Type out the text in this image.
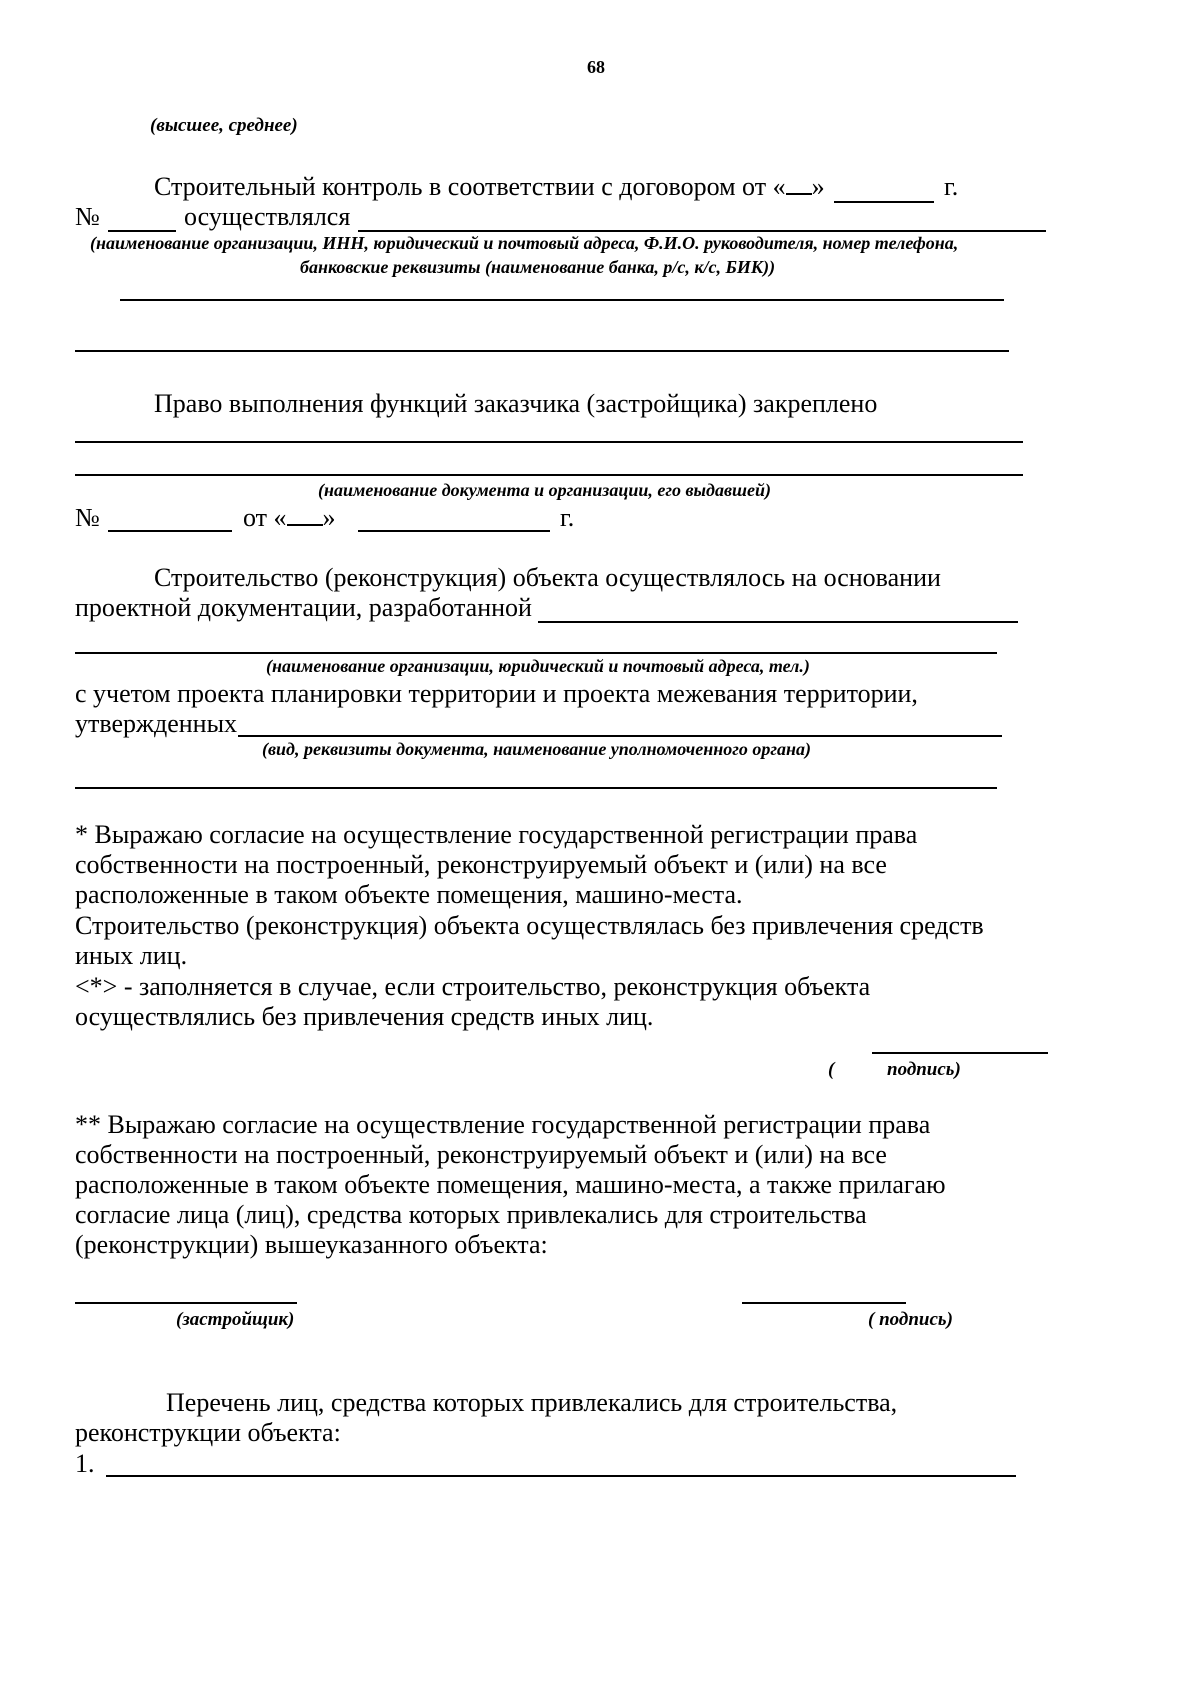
68
(высшее, среднее)
Строительный контроль в соответствии с договором от « »	г.
№	осуществлялся
(наименование организации, ИНН, юридический и почтовый адреса, Ф.И.О. руководителя, номер телефона,
банковские реквизиты (наименование банка, р/с, к/с, БИК))
Право выполнения функций заказчика (застройщика) закреплено
(наименование документа и организации, его выдавшей)
№	от « »	г.
Строительство (реконструкция) объекта осуществлялось на основании
проектной документации, разработанной
(наименование организации, юридический и почтовый адреса, тел.)
с учетом проекта планировки территории и проекта межевания территории,
утвержденных
(вид, реквизиты документа, наименование уполномоченного органа)
* Выражаю согласие на осуществление государственной регистрации права
собственности на построенный, реконструируемый объект и (или) на все
расположенные в таком объекте помещения, машино-места.
Строительство (реконструкция) объекта осуществлялась без привлечения средств
иных лиц.
<*> - заполняется в случае, если строительство, реконструкция объекта
осуществлялись без привлечения средств иных лиц.
(	подпись)
** Выражаю согласие на осуществление государственной регистрации права
собственности на построенный, реконструируемый объект и (или) на все
расположенные в таком объекте помещения, машино-места, а также прилагаю
согласие лица (лиц), средства которых привлекались для строительства
(реконструкции) вышеуказанного объекта:
(застройщик)	( подпись)
Перечень лиц, средства которых привлекались для строительства,
реконструкции объекта:
1.
